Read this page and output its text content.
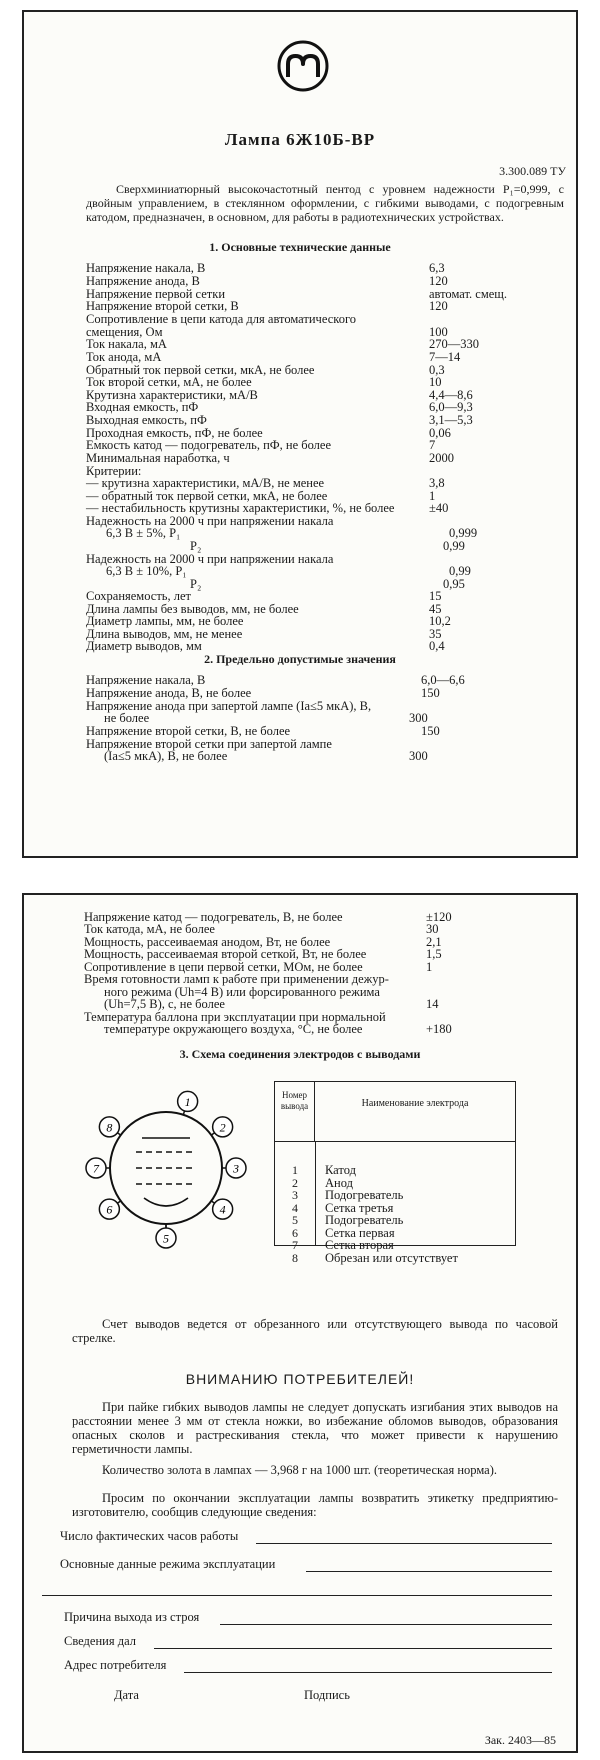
Лампа 6Ж10Б-ВР
3.300.089 ТУ

Сверхминиатюрный высокочастотный пентод с уровнем надежности P₁=0,999, с двойным управлением, в стеклянном оформлении, с гибкими выводами, с подогревным катодом, предназначен, в основном, для работы в радиотехнических устройствах.

1. Основные технические данные
Напряжение накала, В	6,3
Напряжение анода, В	120
Напряжение первой сетки	автомат. смещ.
Напряжение второй сетки, В	120
Сопротивление в цепи катода для автоматического
смещения, Ом	100
Ток накала, мА	270—330
Ток анода, мА	7—14
Обратный ток первой сетки, мкА, не более	0,3
Ток второй сетки, мА, не более	10
Крутизна характеристики, мА/В	4,4—8,6
Входная емкость, пФ	6,0—9,3
Выходная емкость, пФ	3,1—5,3
Проходная емкость, пФ, не более	0,06
Емкость катод — подогреватель, пФ, не более	7
Минимальная наработка, ч	2000
Критерии:
— крутизна характеристики, мА/В, не менее	3,8
— обратный ток первой сетки, мкА, не более	1
— нестабильность крутизны характеристики, %, не более	±40
Надежность на 2000 ч при напряжении накала
6,3 В ± 5%, P₁	0,999
P₂	0,99
Надежность на 2000 ч при напряжении накала
6,3 В ± 10%, P₁	0,99
P₂	0,95
Сохраняемость, лет	15
Длина лампы без выводов, мм, не более	45
Диаметр лампы, мм, не более	10,2
Длина выводов, мм, не менее	35
Диаметр выводов, мм	0,4
2. Предельно допустимые значения
Напряжение накала, В	6,0—6,6
Напряжение анода, В, не более	150
Напряжение анода при запертой лампе (Ia≤5 мкА), В,
не более	300
Напряжение второй сетки, В, не более	150
Напряжение второй сетки при запертой лампе
(Ia≤5 мкА), В, не более	300
Напряжение катод — подогреватель, В, не более	±120
Ток катода, мА, не более	30
Мощность, рассеиваемая анодом, Вт, не более	2,1
Мощность, рассеиваемая второй сеткой, Вт, не более	1,5
Сопротивление в цепи первой сетки, МОм, не более	1
Время готовности ламп к работе при применении дежур-
ного режима (Uh=4 В) или форсированного режима
(Uh=7,5 В), с, не более	14
Температура баллона при эксплуатации при нормальной
температуре окружающего воздуха, °С, не более	+180
3. Схема соединения электродов с выводами
1
2
3
4
5
6
7
8
Номер вывода	Наименование электрода
1	Катод
2	Анод
3	Подогреватель
4	Сетка третья
5	Подогреватель
6	Сетка первая
7	Сетка вторая
8	Обрезан или отсутствует

Счет выводов ведется от обрезанного или отсутствующего вывода по часовой стрелке.

ВНИМАНИЮ ПОТРЕБИТЕЛЕЙ!

При пайке гибких выводов лампы не следует допускать изгибания этих выводов на расстоянии менее 3 мм от стекла ножки, во избежание обломов выводов, образования опасных сколов и растрескивания стекла, что может привести к нарушению герметичности лампы.

Количество золота в лампах — 3,968 г на 1000 шт. (теоретическая норма).

Просим по окончании эксплуатации лампы возвратить этикетку предприятию-изготовителю, сообщив следующие сведения:

Число фактических часов работы
Основные данные режима эксплуатации
Причина выхода из строя
Сведения дал
Адрес потребителя
Дата	Подпись
Зак. 2403—85
